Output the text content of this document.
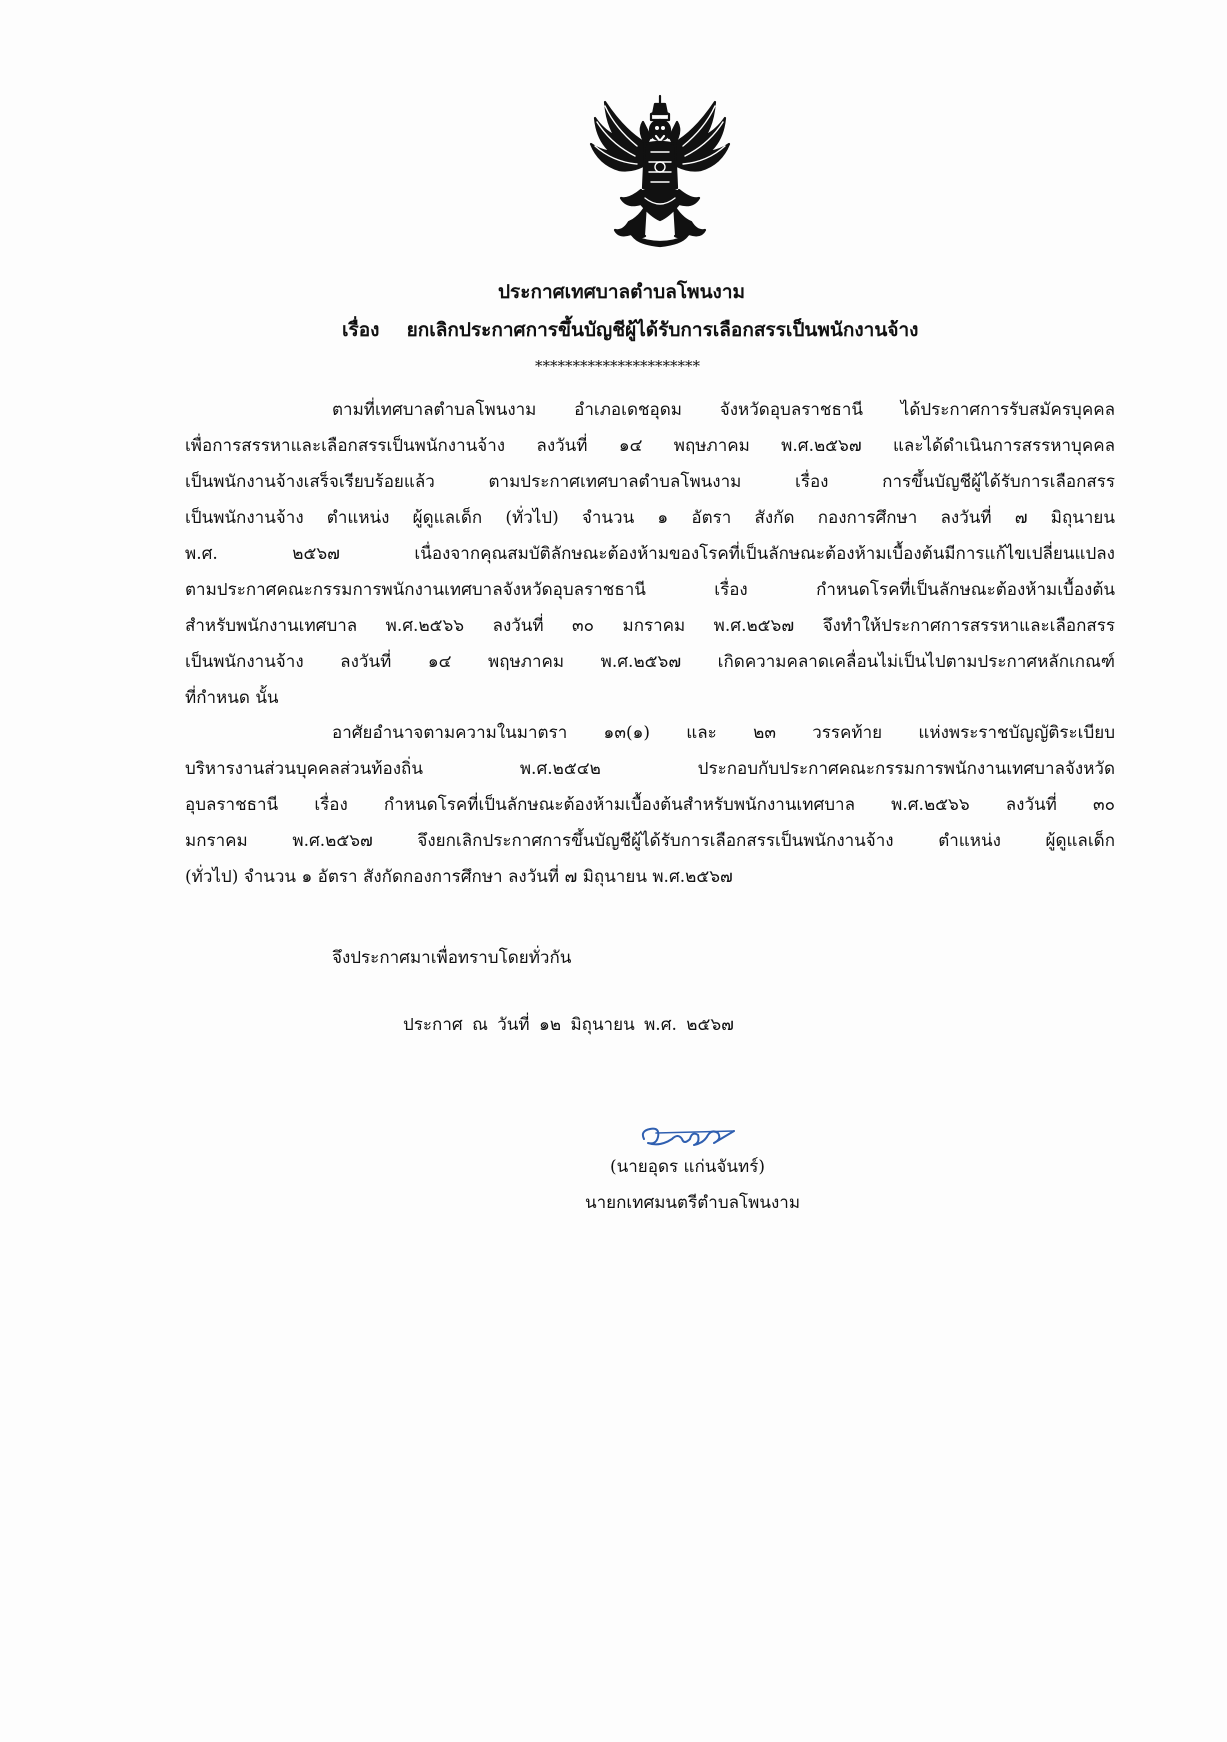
ประกาศเทศบาลตำบลโพนงาม
เรื่อง ยกเลิกประกาศการขึ้นบัญชีผู้ได้รับการเลือกสรรเป็นพนักงานจ้าง
**********************
ตามที่เทศบาลตำบลโพนงาม อำเภอเดชอุดม จังหวัดอุบลราชธานี ได้ประกาศการรับสมัครบุคคล
เพื่อการสรรหาและเลือกสรรเป็นพนักงานจ้าง ลงวันที่ ๑๔ พฤษภาคม พ.ศ.๒๕๖๗ และได้ดำเนินการสรรหาบุคคล
เป็นพนักงานจ้างเสร็จเรียบร้อยแล้ว ตามประกาศเทศบาลตำบลโพนงาม เรื่อง การขึ้นบัญชีผู้ได้รับการเลือกสรร
เป็นพนักงานจ้าง ตำแหน่ง ผู้ดูแลเด็ก (ทั่วไป) จำนวน ๑ อัตรา สังกัด กองการศึกษา ลงวันที่ ๗ มิถุนายน
พ.ศ. ๒๕๖๗ เนื่องจากคุณสมบัติลักษณะต้องห้ามของโรคที่เป็นลักษณะต้องห้ามเบื้องต้นมีการแก้ไขเปลี่ยนแปลง
ตามประกาศคณะกรรมการพนักงานเทศบาลจังหวัดอุบลราชธานี เรื่อง กำหนดโรคที่เป็นลักษณะต้องห้ามเบื้องต้น
สำหรับพนักงานเทศบาล พ.ศ.๒๕๖๖ ลงวันที่ ๓๐ มกราคม พ.ศ.๒๕๖๗ จึงทำให้ประกาศการสรรหาและเลือกสรร
เป็นพนักงานจ้าง ลงวันที่ ๑๔ พฤษภาคม พ.ศ.๒๕๖๗ เกิดความคลาดเคลื่อนไม่เป็นไปตามประกาศหลักเกณฑ์
ที่กำหนด นั้น
อาศัยอำนาจตามความในมาตรา ๑๓(๑) และ ๒๓ วรรคท้าย แห่งพระราชบัญญัติระเบียบ
บริหารงานส่วนบุคคลส่วนท้องถิ่น พ.ศ.๒๕๔๒ ประกอบกับประกาศคณะกรรมการพนักงานเทศบาลจังหวัด
อุบลราชธานี เรื่อง กำหนดโรคที่เป็นลักษณะต้องห้ามเบื้องต้นสำหรับพนักงานเทศบาล พ.ศ.๒๕๖๖ ลงวันที่ ๓๐
มกราคม พ.ศ.๒๕๖๗ จึงยกเลิกประกาศการขึ้นบัญชีผู้ได้รับการเลือกสรรเป็นพนักงานจ้าง ตำแหน่ง ผู้ดูแลเด็ก
(ทั่วไป) จำนวน ๑ อัตรา สังกัดกองการศึกษา ลงวันที่ ๗ มิถุนายน พ.ศ.๒๕๖๗
จึงประกาศมาเพื่อทราบโดยทั่วกัน
ประกาศ ณ วันที่ ๑๒ มิถุนายน พ.ศ. ๒๕๖๗
(นายอุดร แก่นจันทร์)
นายกเทศมนตรีตำบลโพนงาม
